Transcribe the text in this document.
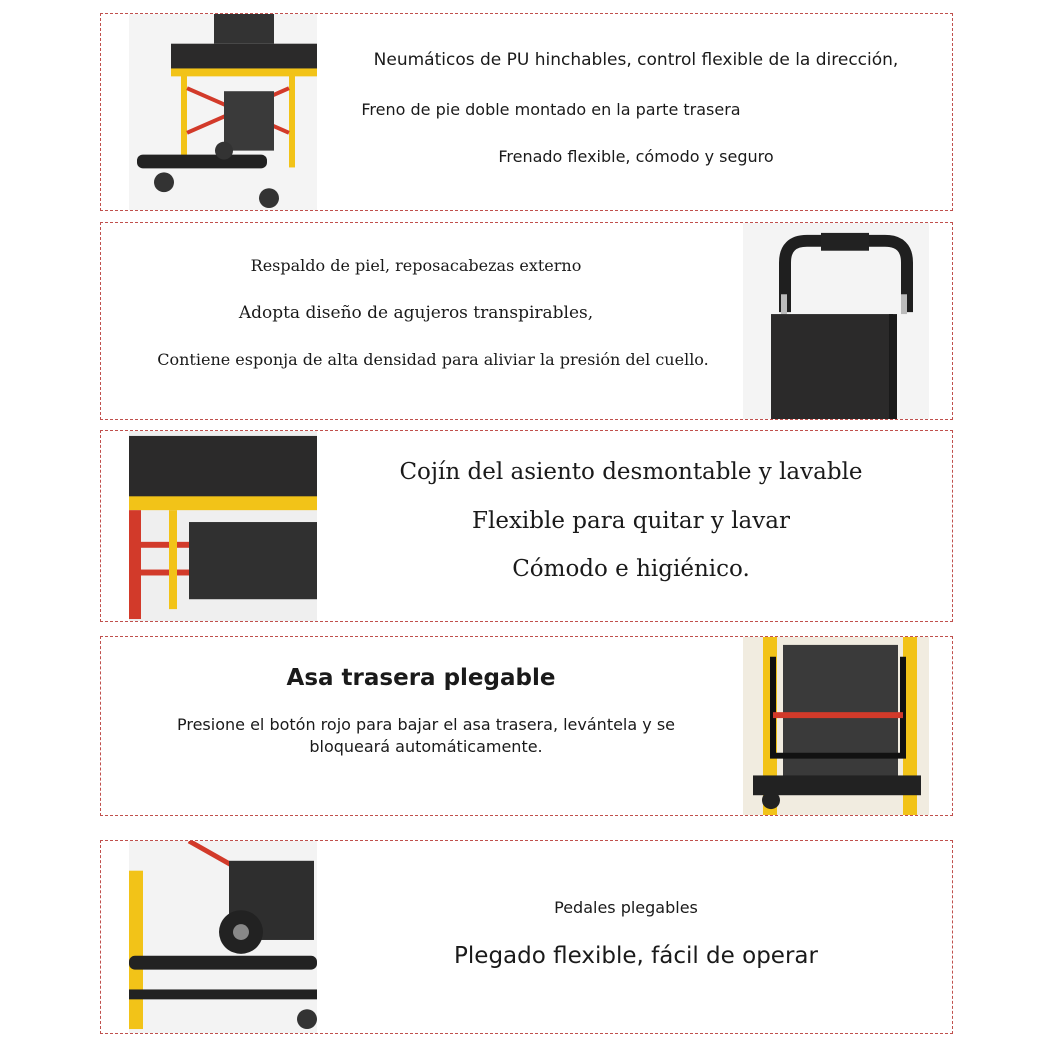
Neumáticos de PU hinchables, control flexible de la dirección,
Freno de pie doble montado en la parte trasera
Frenado flexible, cómodo y seguro
Respaldo de piel, reposacabezas externo
Adopta diseño de agujeros transpirables,
Contiene esponja de alta densidad para aliviar la presión del cuello.
Cojín del asiento desmontable y lavable
Flexible para quitar y lavar
Cómodo e higiénico.
Asa trasera plegable
Presione el botón rojo para bajar el asa trasera, levántela y se
bloqueará automáticamente.
Pedales plegables
Plegado flexible, fácil de operar
